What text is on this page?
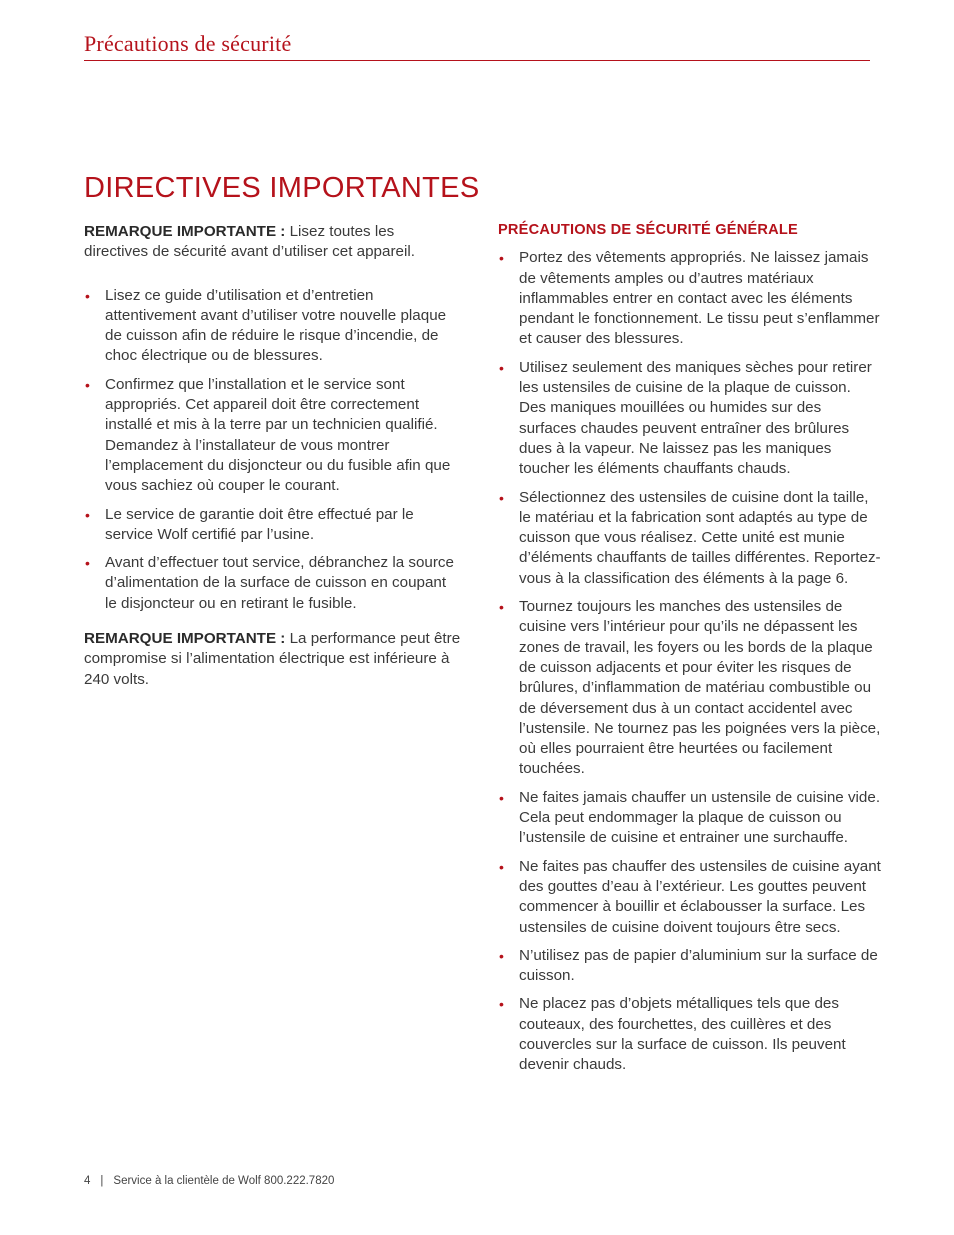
Précautions de sécurité
DIRECTIVES IMPORTANTES

REMARQUE IMPORTANTE : Lisez toutes les directives de sécurité avant d’utiliser cet appareil.

• Lisez ce guide d’utilisation et d’entretien attentivement avant d’utiliser votre nouvelle plaque de cuisson afin de réduire le risque d’incendie, de choc électrique ou de blessures.
• Confirmez que l’installation et le service sont appropriés. Cet appareil doit être correctement installé et mis à la terre par un technicien qualifié. Demandez à l’installateur de vous montrer l’emplacement du disjoncteur ou du fusible afin que vous sachiez où couper le courant.
• Le service de garantie doit être effectué par le service Wolf certifié par l’usine.
• Avant d’effectuer tout service, débranchez la source d’alimentation de la surface de cuisson en coupant le disjoncteur ou en retirant le fusible.

REMARQUE IMPORTANTE : La performance peut être compromise si l’alimentation électrique est inférieure à 240 volts.

PRÉCAUTIONS DE SÉCURITÉ GÉNÉRALE
• Portez des vêtements appropriés. Ne laissez jamais de vêtements amples ou d’autres matériaux inflammables entrer en contact avec les éléments pendant le fonctionnement. Le tissu peut s’enflammer et causer des blessures.
• Utilisez seulement des maniques sèches pour retirer les ustensiles de cuisine de la plaque de cuisson. Des maniques mouillées ou humides sur des surfaces chaudes peuvent entraîner des brûlures dues à la vapeur. Ne laissez pas les maniques toucher les éléments chauffants chauds.
• Sélectionnez des ustensiles de cuisine dont la taille, le matériau et la fabrication sont adaptés au type de cuisson que vous réalisez. Cette unité est munie d’éléments chauffants de tailles différentes. Reportez-vous à la classification des éléments à la page 6.
• Tournez toujours les manches des ustensiles de cuisine vers l’intérieur pour qu’ils ne dépassent les zones de travail, les foyers ou les bords de la plaque de cuisson adjacents et pour éviter les risques de brûlures, d’inflammation de matériau combustible ou de déversement dus à un contact accidentel avec l’ustensile. Ne tournez pas les poignées vers la pièce, où elles pourraient être heurtées ou facilement touchées.
• Ne faites jamais chauffer un ustensile de cuisine vide. Cela peut endommager la plaque de cuisson ou l’ustensile de cuisine et entrainer une surchauffe.
• Ne faites pas chauffer des ustensiles de cuisine ayant des gouttes d’eau à l’extérieur. Les gouttes peuvent commencer à bouillir et éclabousser la surface. Les ustensiles de cuisine doivent toujours être secs.
• N’utilisez pas de papier d’aluminium sur la surface de cuisson.
• Ne placez pas d’objets métalliques tels que des couteaux, des fourchettes, des cuillères et des couvercles sur la surface de cuisson. Ils peuvent devenir chauds.
4 | Service à la clientèle de Wolf 800.222.7820
